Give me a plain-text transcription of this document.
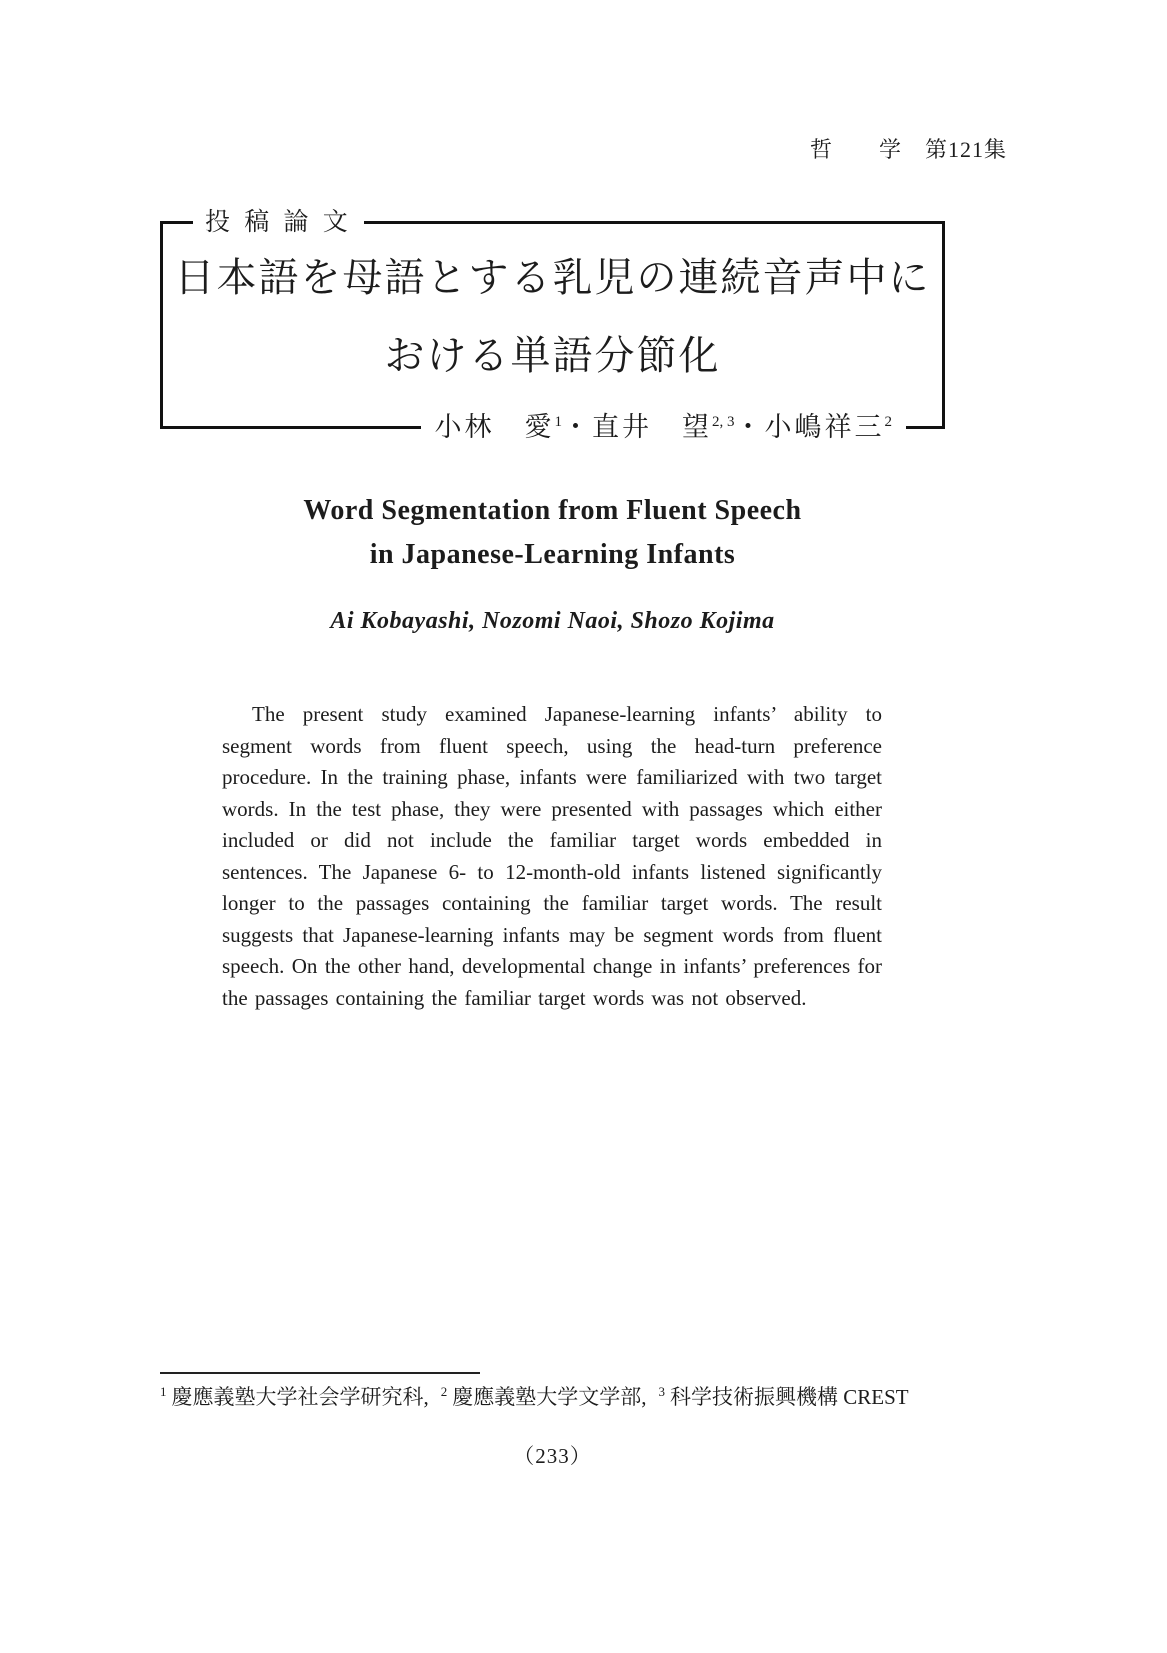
哲　　学　第121集
投 稿 論 文
日本語を母語とする乳児の連続音声中に
おける単語分節化
小林　愛$^1$・直井　望$^{2, 3}$・小嶋祥三$^2$
Word Segmentation from Fluent Speech
in Japanese-Learning Infants
Ai Kobayashi, Nozomi Naoi, Shozo Kojima

The present study examined Japanese-learning infants’ ability to segment words from fluent speech, using the head-turn preference procedure. In the training phase, infants were familiarized with two target words. In the test phase, they were presented with passages which either included or did not include the familiar target words embedded in sentences. The Japanese 6- to 12-month-old infants listened significantly longer to the passages containing the familiar target words. The result suggests that Japanese-learning infants may be segment words from fluent speech. On the other hand, developmental change in infants’ preferences for the passages containing the familiar target words was not observed.

$^1$ 慶應義塾大学社会学研究科, $^2$ 慶應義塾大学文学部, $^3$ 科学技術振興機構 CREST
（233）
